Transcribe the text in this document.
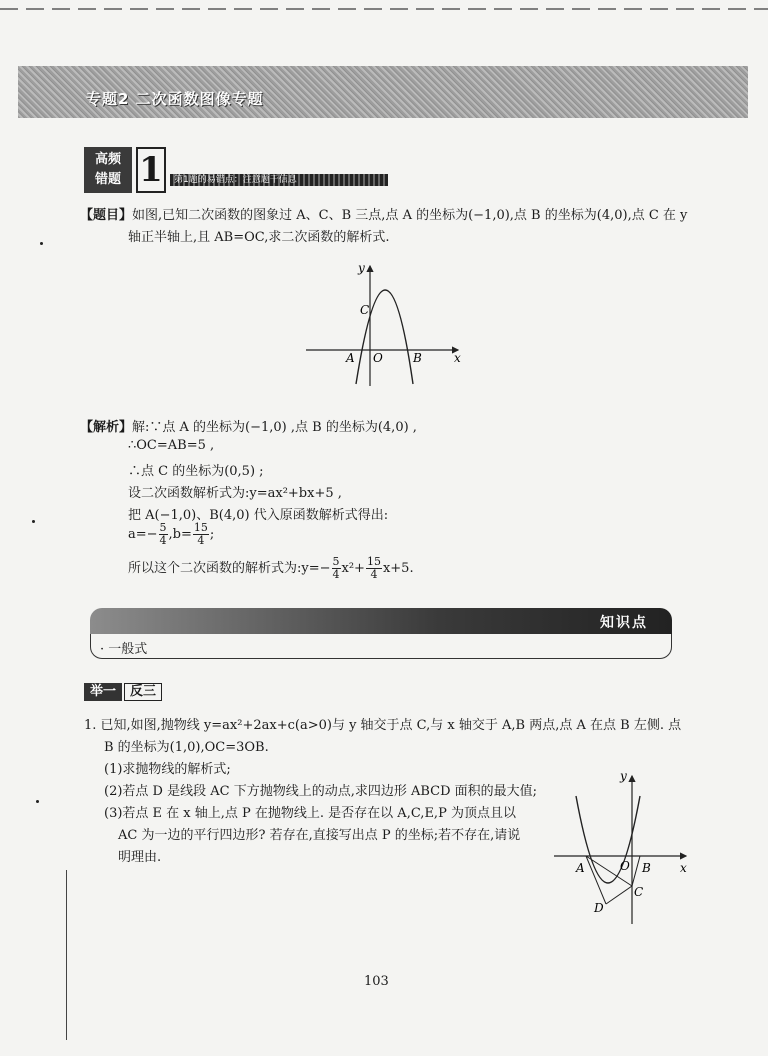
专题2 二次函数图像专题
高频
错题 1	第1题的易错点：注意题干信息
【题目】如图,已知二次函数的图象过 A、C、B 三点,点 A 的坐标为(−1,0),点 B 的坐标为(4,0),点 C 在 y
轴正半轴上,且 AB=OC,求二次函数的解析式.
y
x
A O	B
C
【解析】解:∵点 A 的坐标为(−1,0) ,点 B 的坐标为(4,0) ,
∴OC=AB=5 ,
∴点 C 的坐标为(0,5) ;
设二次函数解析式为:y=ax²+bx+5 ,
把 A(−1,0)、B(4,0) 代入原函数解析式得出:
$a=- \frac{5}{4} ,b= \frac{15}{4}$ ;
所以这个二次函数的解析式为:y=− $\frac{5}{4} x^2+ \frac{15}{4} x+5$.
知识点
· 一般式
举一	反三
1. 已知,如图,抛物线 y=ax²+2ax+c(a>0)与 y 轴交于点 C,与 x 轴交于 A,B 两点,点 A 在点 B 左侧. 点
B 的坐标为(1,0),OC=3OB.
(1)求抛物线的解析式;
(2)若点 D 是线段 AC 下方抛物线上的动点,求四边形 ABCD 面积的最大值;
(3)若点 E 在 x 轴上,点 P 在抛物线上. 是否存在以 A,C,E,P 为顶点且以
AC 为一边的平行四边形? 若存在,直接写出点 P 的坐标;若不存在,请说
明理由.
y
x
A	O B
C
D
103
